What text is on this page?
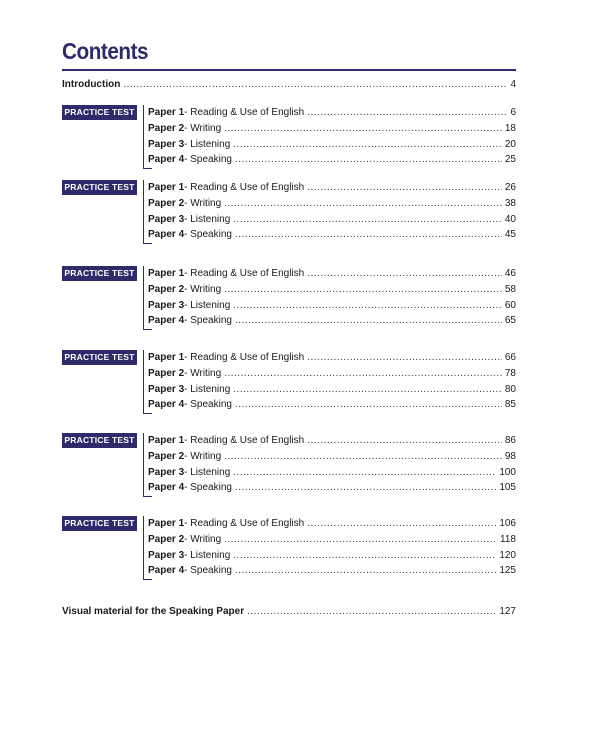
Contents
Introduction .....	4
PRACTICE TEST 1
Paper 1 - Reading & Use of English .....	6
Paper 2 - Writing .....	18
Paper 3 - Listening .....	20
Paper 4 - Speaking .....	25
PRACTICE TEST 2
Paper 1 - Reading & Use of English .....	26
Paper 2 - Writing .....	38
Paper 3 - Listening .....	40
Paper 4 - Speaking .....	45
PRACTICE TEST 3
Paper 1 - Reading & Use of English .....	46
Paper 2 - Writing .....	58
Paper 3 - Listening .....	60
Paper 4 - Speaking .....	65
PRACTICE TEST 4
Paper 1 - Reading & Use of English .....	66
Paper 2 - Writing .....	78
Paper 3 - Listening .....	80
Paper 4 - Speaking .....	85
PRACTICE TEST 5
Paper 1 - Reading & Use of English .....	86
Paper 2 - Writing .....	98
Paper 3 - Listening .....	100
Paper 4 - Speaking .....	105
PRACTICE TEST 6
Paper 1 - Reading & Use of English .....	106
Paper 2 - Writing .....	118
Paper 3 - Listening .....	120
Paper 4 - Speaking .....	125
Visual material for the Speaking Paper .....	127
